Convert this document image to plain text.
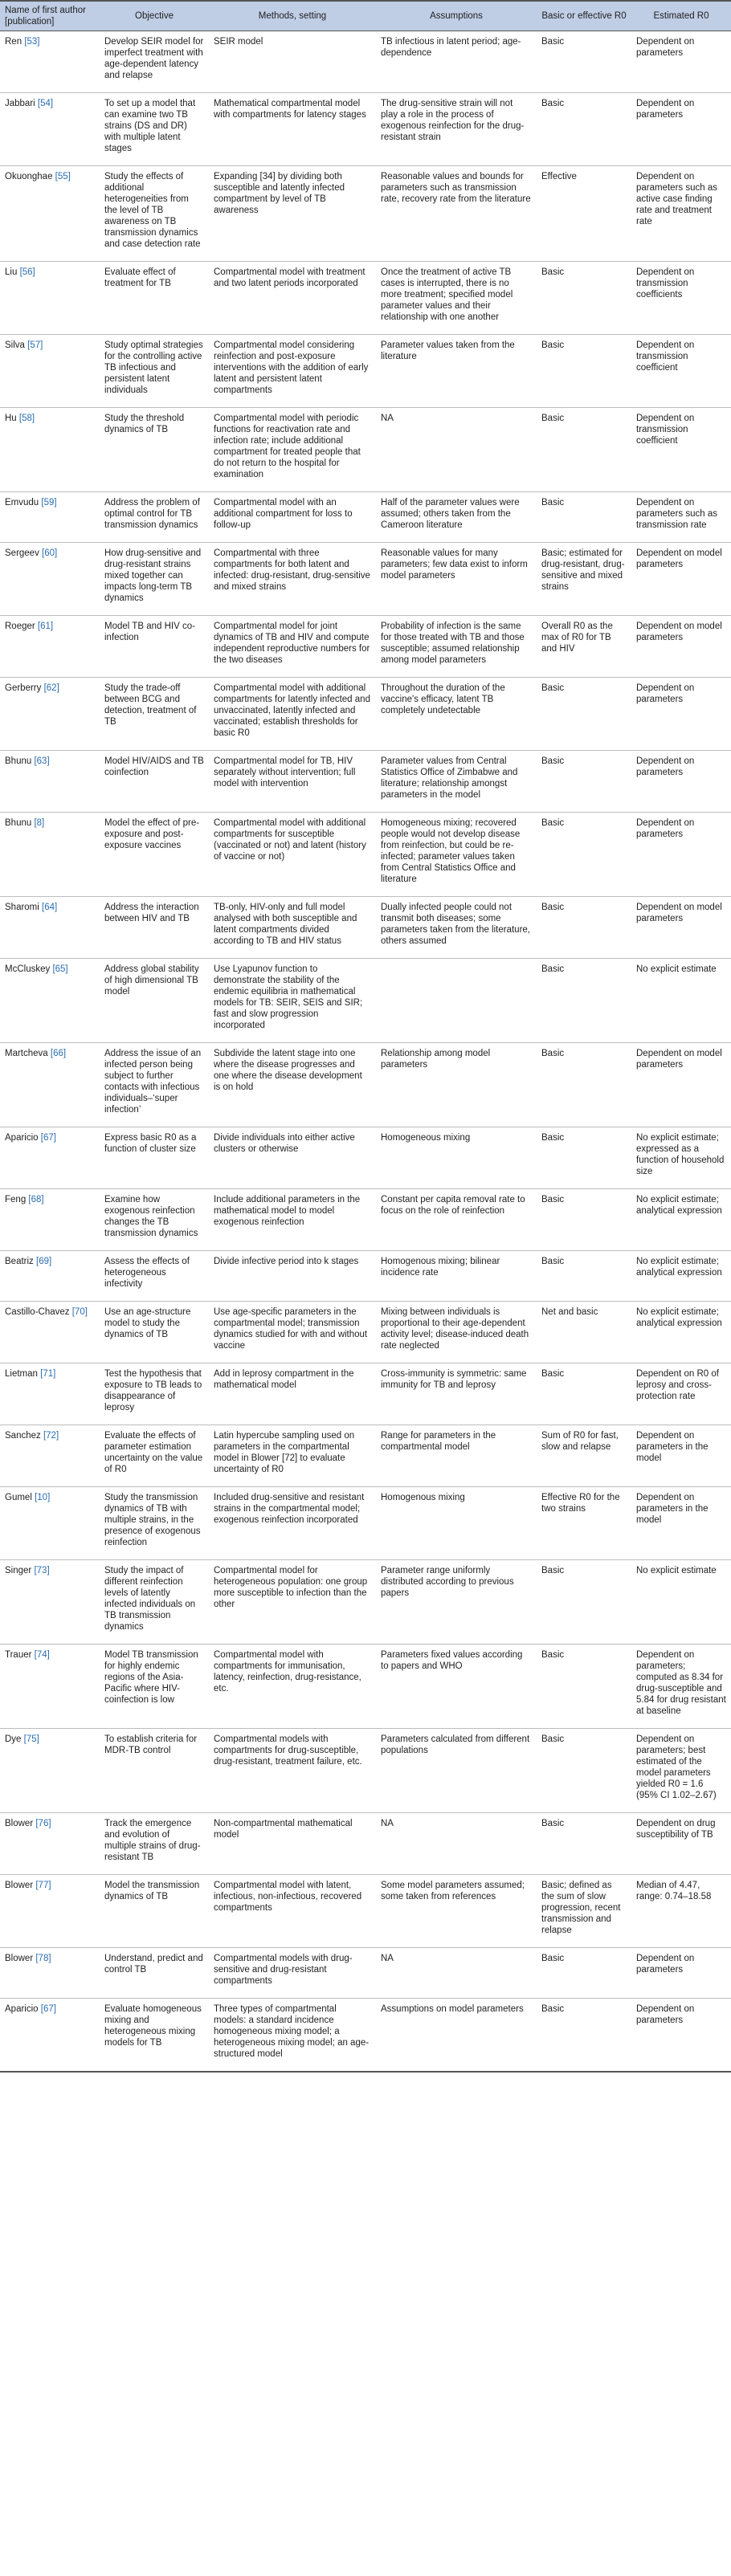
Name of first author [publication]	Objective	Methods, setting	Assumptions	Basic or effective R0	Estimated R0
Ren [53]	Develop SEIR model for imperfect treatment with age-dependent latency and relapse	SEIR model	TB infectious in latent period; age-dependence	Basic	Dependent on parameters
Jabbari [54]	To set up a model that can examine two TB strains (DS and DR) with multiple latent stages	Mathematical compartmental model with compartments for latency stages	The drug-sensitive strain will not play a role in the process of exogenous reinfection for the drug-resistant strain	Basic	Dependent on parameters
Okuonghae [55]	Study the effects of additional heterogeneities from the level of TB awareness on TB transmission dynamics and case detection rate	Expanding [34] by dividing both susceptible and latently infected compartment by level of TB awareness	Reasonable values and bounds for parameters such as transmission rate, recovery rate from the literature	Effective	Dependent on parameters such as active case finding rate and treatment rate
Liu [56]	Evaluate effect of treatment for TB	Compartmental model with treatment and two latent periods incorporated	Once the treatment of active TB cases is interrupted, there is no more treatment; specified model parameter values and their relationship with one another	Basic	Dependent on transmission coefficients
Silva [57]	Study optimal strategies for the controlling active TB infectious and persistent latent individuals	Compartmental model considering reinfection and post-exposure interventions with the addition of early latent and persistent latent compartments	Parameter values taken from the literature	Basic	Dependent on transmission coefficient
Hu [58]	Study the threshold dynamics of TB	Compartmental model with periodic functions for reactivation rate and infection rate; include additional compartment for treated people that do not return to the hospital for examination	NA	Basic	Dependent on transmission coefficient
Emvudu [59]	Address the problem of optimal control for TB transmission dynamics	Compartmental model with an additional compartment for loss to follow-up	Half of the parameter values were assumed; others taken from the Cameroon literature	Basic	Dependent on parameters such as transmission rate
Sergeev [60]	How drug-sensitive and drug-resistant strains mixed together can impacts long-term TB dynamics	Compartmental with three compartments for both latent and infected: drug-resistant, drug-sensitive and mixed strains	Reasonable values for many parameters; few data exist to inform model parameters	Basic; estimated for drug-resistant, drug-sensitive and mixed strains	Dependent on model parameters
Roeger [61]	Model TB and HIV co-infection	Compartmental model for joint dynamics of TB and HIV and compute independent reproductive numbers for the two diseases	Probability of infection is the same for those treated with TB and those susceptible; assumed relationship among model parameters	Overall R0 as the max of R0 for TB and HIV	Dependent on model parameters
Gerberry [62]	Study the trade-off between BCG and detection, treatment of TB	Compartmental model with additional compartments for latently infected and unvaccinated, latently infected and vaccinated; establish thresholds for basic R0	Throughout the duration of the vaccine's efficacy, latent TB completely undetectable	Basic	Dependent on parameters
Bhunu [63]	Model HIV/AIDS and TB coinfection	Compartmental model for TB, HIV separately without intervention; full model with intervention	Parameter values from Central Statistics Office of Zimbabwe and literature; relationship amongst parameters in the model	Basic	Dependent on parameters
Bhunu [8]	Model the effect of pre-exposure and post-exposure vaccines	Compartmental model with additional compartments for susceptible (vaccinated or not) and latent (history of vaccine or not)	Homogeneous mixing; recovered people would not develop disease from reinfection, but could be re-infected; parameter values taken from Central Statistics Office and literature	Basic	Dependent on parameters
Sharomi [64]	Address the interaction between HIV and TB	TB-only, HIV-only and full model analysed with both susceptible and latent compartments divided according to TB and HIV status	Dually infected people could not transmit both diseases; some parameters taken from the literature, others assumed	Basic	Dependent on model parameters
McCluskey [65]	Address global stability of high dimensional TB model	Use Lyapunov function to demonstrate the stability of the endemic equilibria in mathematical models for TB: SEIR, SEIS and SIR; fast and slow progression incorporated		Basic	No explicit estimate
Martcheva [66]	Address the issue of an infected person being subject to further contacts with infectious individuals–‘super infection’	Subdivide the latent stage into one where the disease progresses and one where the disease development is on hold	Relationship among model parameters	Basic	Dependent on model parameters
Aparicio [67]	Express basic R0 as a function of cluster size	Divide individuals into either active clusters or otherwise	Homogeneous mixing	Basic	No explicit estimate; expressed as a function of household size
Feng [68]	Examine how exogenous reinfection changes the TB transmission dynamics	Include additional parameters in the mathematical model to model exogenous reinfection	Constant per capita removal rate to focus on the role of reinfection	Basic	No explicit estimate; analytical expression
Beatriz [69]	Assess the effects of heterogeneous infectivity	Divide infective period into k stages	Homogenous mixing; bilinear incidence rate	Basic	No explicit estimate; analytical expression
Castillo-Chavez [70]	Use an age-structure model to study the dynamics of TB	Use age-specific parameters in the compartmental model; transmission dynamics studied for with and without vaccine	Mixing between individuals is proportional to their age-dependent activity level; disease-induced death rate neglected	Net and basic	No explicit estimate; analytical expression
Lietman [71]	Test the hypothesis that exposure to TB leads to disappearance of leprosy	Add in leprosy compartment in the mathematical model	Cross-immunity is symmetric: same immunity for TB and leprosy	Basic	Dependent on R0 of leprosy and cross-protection rate
Sanchez [72]	Evaluate the effects of parameter estimation uncertainty on the value of R0	Latin hypercube sampling used on parameters in the compartmental model in Blower [72] to evaluate uncertainty of R0	Range for parameters in the compartmental model	Sum of R0 for fast, slow and relapse	Dependent on parameters in the model
Gumel [10]	Study the transmission dynamics of TB with multiple strains, in the presence of exogenous reinfection	Included drug-sensitive and resistant strains in the compartmental model; exogenous reinfection incorporated	Homogenous mixing	Effective R0 for the two strains	Dependent on parameters in the model
Singer [73]	Study the impact of different reinfection levels of latently infected individuals on TB transmission dynamics	Compartmental model for heterogeneous population: one group more susceptible to infection than the other	Parameter range uniformly distributed according to previous papers	Basic	No explicit estimate
Trauer [74]	Model TB transmission for highly endemic regions of the Asia-Pacific where HIV-coinfection is low	Compartmental model with compartments for immunisation, latency, reinfection, drug-resistance, etc.	Parameters fixed values according to papers and WHO	Basic	Dependent on parameters; computed as 8.34 for drug-susceptible and 5.84 for drug resistant at baseline
Dye [75]	To establish criteria for MDR-TB control	Compartmental models with compartments for drug-susceptible, drug-resistant, treatment failure, etc.	Parameters calculated from different populations	Basic	Dependent on parameters; best estimated of the model parameters yielded R0 = 1.6 (95% CI 1.02–2.67)
Blower [76]	Track the emergence and evolution of multiple strains of drug-resistant TB	Non-compartmental mathematical model	NA	Basic	Dependent on drug susceptibility of TB
Blower [77]	Model the transmission dynamics of TB	Compartmental model with latent, infectious, non-infectious, recovered compartments	Some model parameters assumed; some taken from references	Basic; defined as the sum of slow progression, recent transmission and relapse	Median of 4.47, range: 0.74–18.58
Blower [78]	Understand, predict and control TB	Compartmental models with drug-sensitive and drug-resistant compartments	NA	Basic	Dependent on parameters
Aparicio [67]	Evaluate homogeneous mixing and heterogeneous mixing models for TB	Three types of compartmental models: a standard incidence homogeneous mixing model; a heterogeneous mixing model; an age-structured model	Assumptions on model parameters	Basic	Dependent on parameters
